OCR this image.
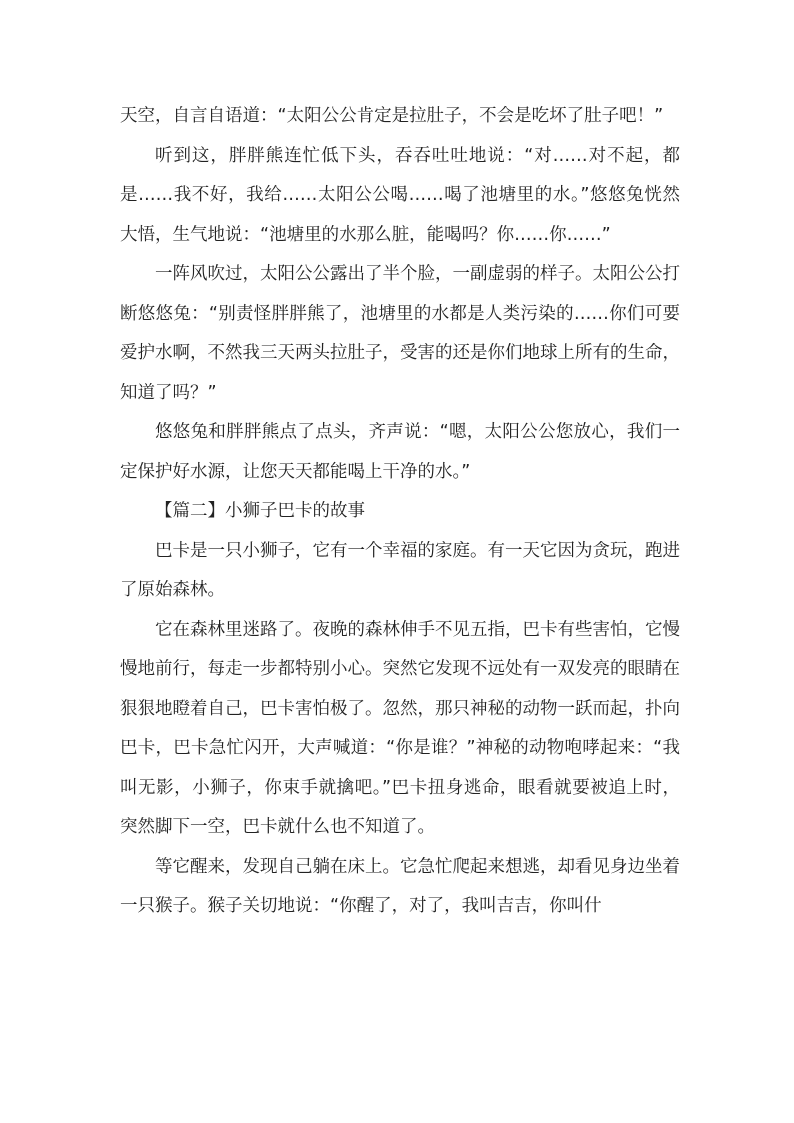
天空，自言自语道：“太阳公公肯定是拉肚子，不会是吃坏了肚子吧！”

听到这，胖胖熊连忙低下头，吞吞吐吐地说：“对……对不起，都是……我不好，我给……太阳公公喝……喝了池塘里的水。”悠悠兔恍然大悟，生气地说：“池塘里的水那么脏，能喝吗？你……你……”

一阵风吹过，太阳公公露出了半个脸，一副虚弱的样子。太阳公公打断悠悠兔：“别责怪胖胖熊了，池塘里的水都是人类污染的……你们可要爱护水啊，不然我三天两头拉肚子，受害的还是你们地球上所有的生命，知道了吗？”

悠悠兔和胖胖熊点了点头，齐声说：“嗯，太阳公公您放心，我们一定保护好水源，让您天天都能喝上干净的水。”

【篇二】小狮子巴卡的故事

巴卡是一只小狮子，它有一个幸福的家庭。有一天它因为贪玩，跑进了原始森林。

它在森林里迷路了。夜晚的森林伸手不见五指，巴卡有些害怕，它慢慢地前行，每走一步都特别小心。突然它发现不远处有一双发亮的眼睛在狠狠地瞪着自己，巴卡害怕极了。忽然，那只神秘的动物一跃而起，扑向巴卡，巴卡急忙闪开，大声喊道：“你是谁？”神秘的动物咆哮起来：“我叫无影，小狮子，你束手就擒吧。”巴卡扭身逃命，眼看就要被追上时，突然脚下一空，巴卡就什么也不知道了。

等它醒来，发现自己躺在床上。它急忙爬起来想逃，却看见身边坐着一只猴子。猴子关切地说：“你醒了，对了，我叫吉吉，你叫什
